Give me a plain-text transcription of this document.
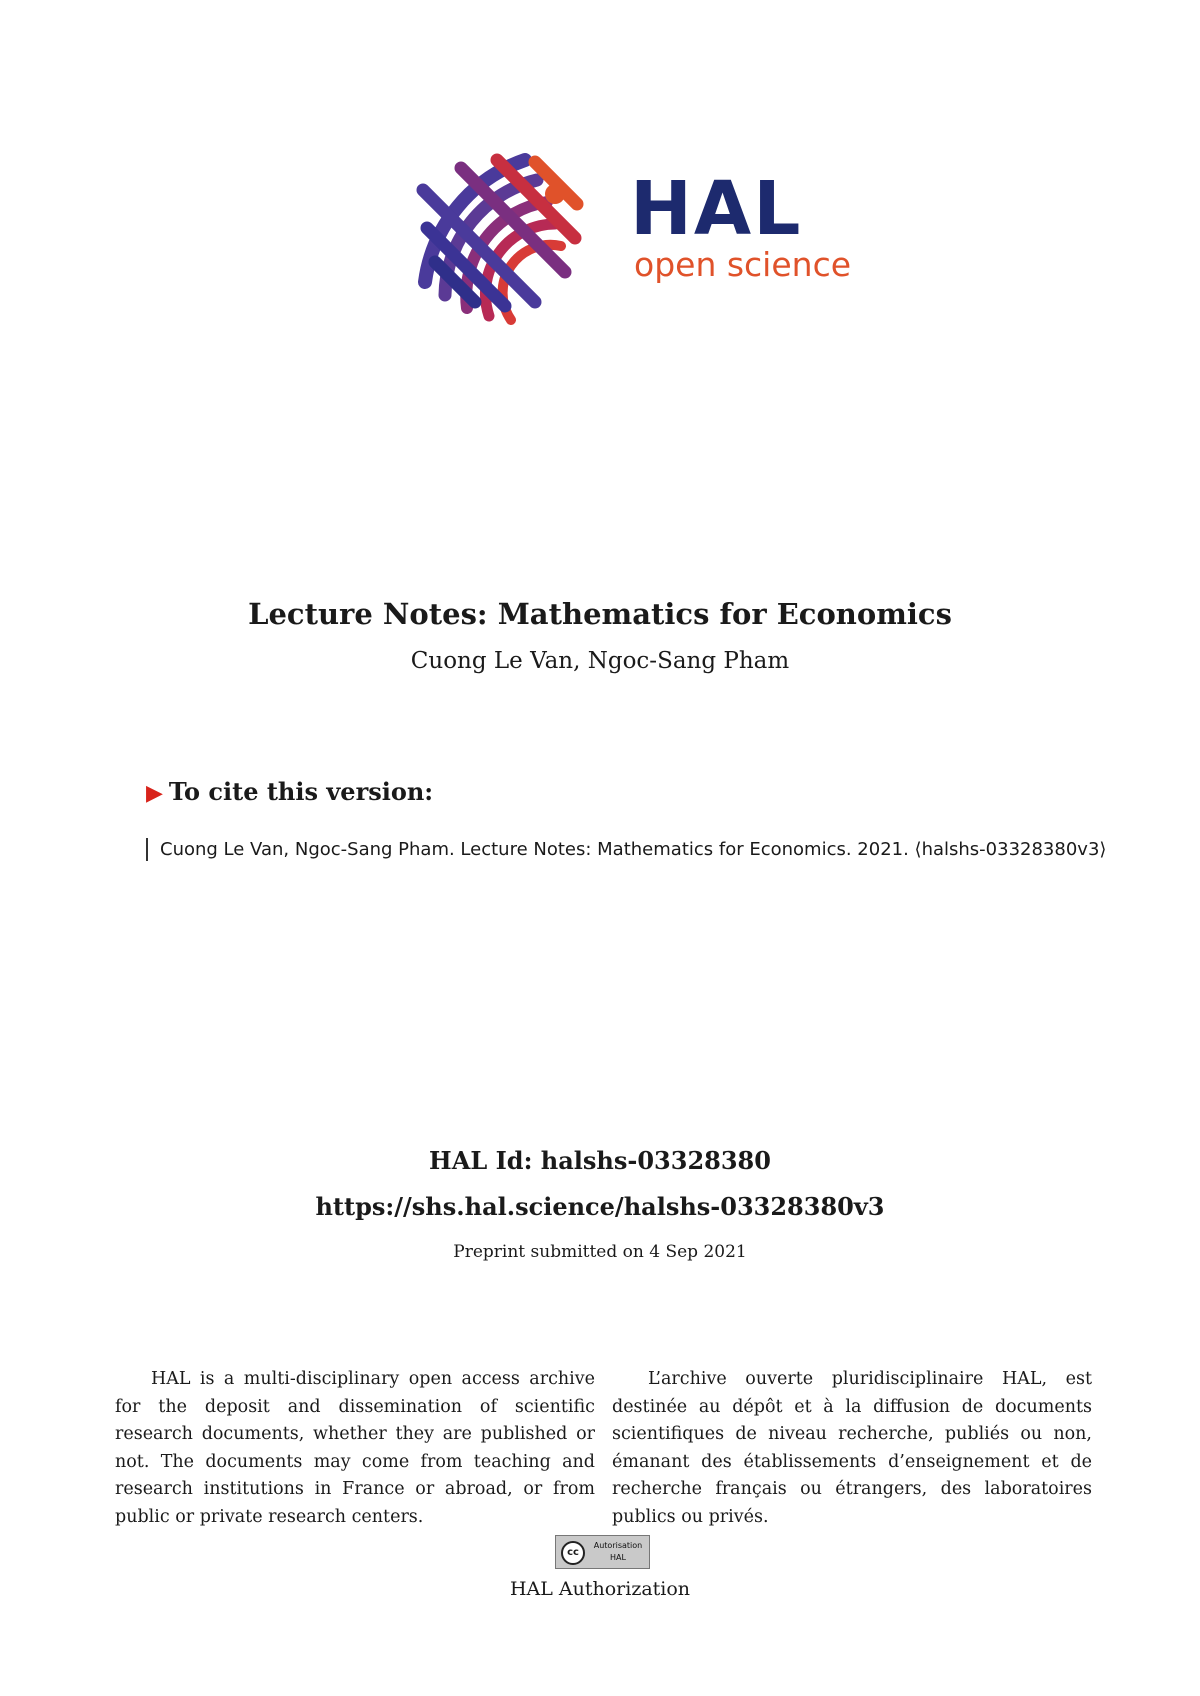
HAL
open science
Lecture Notes: Mathematics for Economics
Cuong Le Van, Ngoc-Sang Pham
▶ To cite this version:
Cuong Le Van, Ngoc-Sang Pham. Lecture Notes: Mathematics for Economics. 2021. ⟨halshs-03328380v3⟩
HAL Id: halshs-03328380
https://shs.hal.science/halshs-03328380v3
Preprint submitted on 4 Sep 2021
HAL is a multi-disciplinary open access archive for the deposit and dissemination of scientific research documents, whether they are published or not. The documents may come from teaching and research institutions in France or abroad, or from public or private research centers.
L’archive ouverte pluridisciplinaire HAL, est destinée au dépôt et à la diffusion de documents scientifiques de niveau recherche, publiés ou non, émanant des établissements d’enseignement et de recherche français ou étrangers, des laboratoires publics ou privés.
cc
Autorisation HAL
HAL Authorization
